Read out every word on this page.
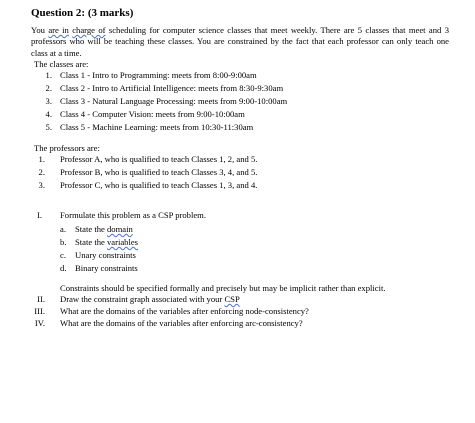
Question 2: (3 marks)
You are in charge of scheduling for computer science classes that meet weekly. There are 5 classes that meet and 3 professors who will be teaching these classes. You are constrained by the fact that each professor can only teach one class at a time.
The classes are:
1. Class 1 - Intro to Programming: meets from 8:00-9:00am
2. Class 2 - Intro to Artificial Intelligence: meets from 8:30-9:30am
3. Class 3 - Natural Language Processing: meets from 9:00-10:00am
4. Class 4 - Computer Vision: meets from 9:00-10:00am
5. Class 5 - Machine Learning: meets from 10:30-11:30am
The professors are:
1. Professor A, who is qualified to teach Classes 1, 2, and 5.
2. Professor B, who is qualified to teach Classes 3, 4, and 5.
3. Professor C, who is qualified to teach Classes 1, 3, and 4.
I. Formulate this problem as a CSP problem.
a. State the domain
b. State the variables
c. Unary constraints
d. Binary constraints
Constraints should be specified formally and precisely but may be implicit rather than explicit.
II. Draw the constraint graph associated with your CSP
III. What are the domains of the variables after enforcing node-consistency?
IV. What are the domains of the variables after enforcing arc-consistency?
